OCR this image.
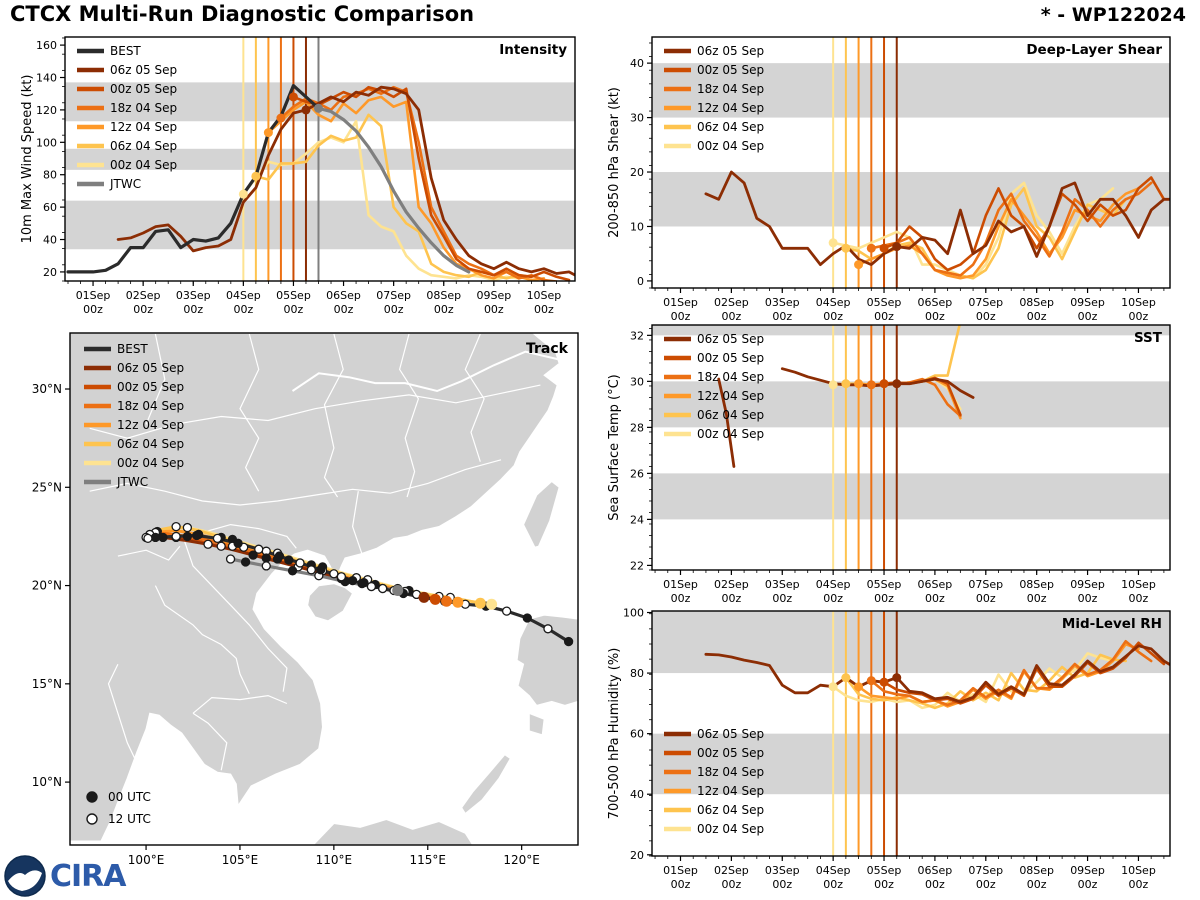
CTCX Multi-Run Diagnostic Comparison	* - WP122024
01Sep
00z
02Sep
00z
03Sep
00z
04Sep
00z
05Sep
00z
06Sep
00z
07Sep
00z
08Sep
00z
09Sep
00z
10Sep
00z
20
40
60
80
100
120
140
160
10m Max Wind Speed (kt)
Intensity
BEST
06z 05 Sep
00z 05 Sep
18z 04 Sep
12z 04 Sep
06z 04 Sep
00z 04 Sep
JTWC
100°E	105°E	110°E	115°E	120°E
10°N
15°N
20°N
25°N
30°N
Track
BEST
06z 05 Sep
00z 05 Sep
18z 04 Sep
12z 04 Sep
06z 04 Sep
00z 04 Sep
JTWC
00 UTC
12 UTC
01Sep
00z
02Sep
00z
03Sep
00z
04Sep
00z
05Sep
00z
06Sep
00z
07Sep
00z
08Sep
00z
09Sep
00z
10Sep
00z
0
10
20
30
40
200-850 hPa Shear (kt)
Deep-Layer Shear
06z 05 Sep
00z 05 Sep
18z 04 Sep
12z 04 Sep
06z 04 Sep
00z 04 Sep
01Sep
00z
02Sep
00z
03Sep
00z
04Sep
00z
05Sep
00z
06Sep
00z
07Sep
00z
08Sep
00z
09Sep
00z
10Sep
00z
22
24
26
28
30
32
Sea Surface Temp (°C)
SST
06z 05 Sep
00z 05 Sep
18z 04 Sep
12z 04 Sep
06z 04 Sep
00z 04 Sep
01Sep
00z
02Sep
00z
03Sep
00z
04Sep
00z
05Sep
00z
06Sep
00z
07Sep
00z
08Sep
00z
09Sep
00z
10Sep
00z
20
40
60
80
100
700-500 hPa Humidity (%)
Mid-Level RH
06z 05 Sep
00z 05 Sep
18z 04 Sep
12z 04 Sep
06z 04 Sep
00z 04 Sep
CIRA
